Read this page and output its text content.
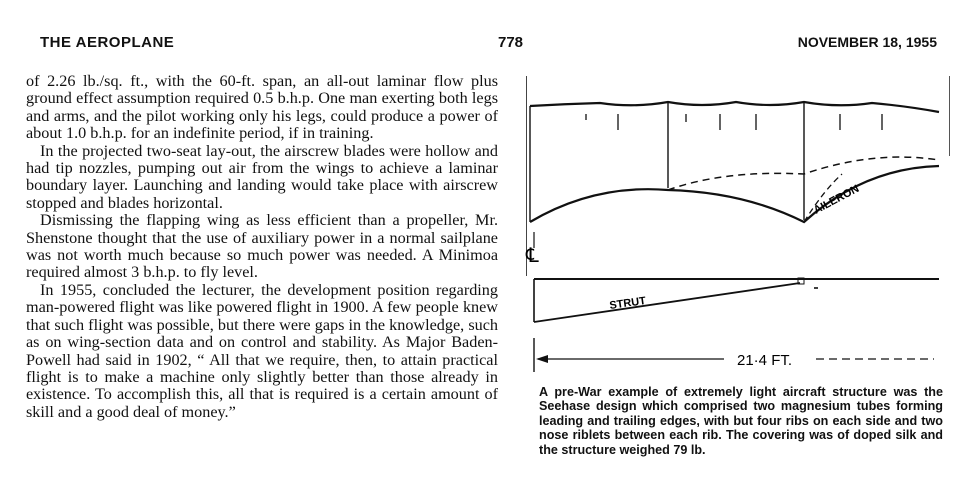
THE AEROPLANE	778	NOVEMBER 18, 1955

of 2.26 lb./sq. ft., with the 60-ft. span, an all-out laminar flow plus ground effect assumption required 0.5 b.h.p. One man exerting both legs and arms, and the pilot working only his legs, could produce a power of about 1.0 b.h.p. for an indefinite period, if in training.

In the projected two-seat lay-out, the airscrew blades were hollow and had tip nozzles, pumping out air from the wings to achieve a laminar boundary layer. Launching and landing would take place with airscrew stopped and blades horizontal.

Dismissing the flapping wing as less efficient than a propeller, Mr. Shenstone thought that the use of auxiliary power in a normal sailplane was not worth much because so much power was needed. A Minimoa required almost 3 b.h.p. to fly level.

In 1955, concluded the lecturer, the development position regarding man-powered flight was like powered flight in 1900. A few people knew that such flight was possible, but there were gaps in the knowledge, such as on wing-section data and on control and stability. As Major Baden-Powell had said in 1902, “ All that we require, then, to attain practical flight is to make a machine only slightly better than those already in existence. To accomplish this, all that is required is a certain amount of skill and a good deal of money.”

AILERON
℄
STRUT
21·4 FT.
A pre-War example of extremely light aircraft structure was the Seehase design which comprised two magnesium tubes forming leading and trailing edges, with but four ribs on each side and two nose riblets between each rib. The covering was of doped silk and the structure weighed 79 lb.
